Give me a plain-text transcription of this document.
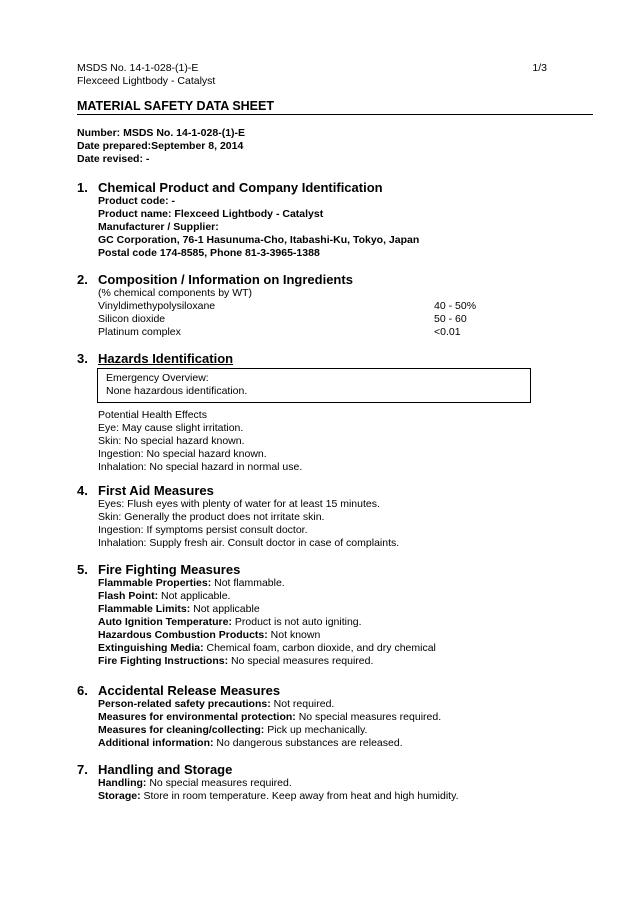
MSDS No. 14-1-028-(1)-E
Flexceed Lightbody - Catalyst
1/3
MATERIAL SAFETY DATA SHEET
Number: MSDS No. 14-1-028-(1)-E
Date prepared:September 8, 2014
Date revised: -
1. Chemical Product and Company Identification
Product code: -
Product name: Flexceed Lightbody - Catalyst
Manufacturer / Supplier:
GC Corporation, 76-1 Hasunuma-Cho, Itabashi-Ku, Tokyo, Japan
Postal code 174-8585, Phone 81-3-3965-1388
2. Composition / Information on Ingredients
(% chemical components by WT)
Vinyldimethypolysiloxane	40 - 50%
Silicon dioxide	50 - 60
Platinum complex	<0.01
3. Hazards Identification
Emergency Overview:
None hazardous identification.
Potential Health Effects
Eye: May cause slight irritation.
Skin: No special hazard known.
Ingestion: No special hazard known.
Inhalation: No special hazard in normal use.
4. First Aid Measures
Eyes: Flush eyes with plenty of water for at least 15 minutes.
Skin: Generally the product does not irritate skin.
Ingestion: If symptoms persist consult doctor.
Inhalation: Supply fresh air. Consult doctor in case of complaints.
5. Fire Fighting Measures
Flammable Properties: Not flammable.
Flash Point: Not applicable.
Flammable Limits: Not applicable
Auto Ignition Temperature: Product is not auto igniting.
Hazardous Combustion Products: Not known
Extinguishing Media: Chemical foam, carbon dioxide, and dry chemical
Fire Fighting Instructions: No special measures required.
6. Accidental Release Measures
Person-related safety precautions: Not required.
Measures for environmental protection: No special measures required.
Measures for cleaning/collecting: Pick up mechanically.
Additional information: No dangerous substances are released.
7. Handling and Storage
Handling: No special measures required.
Storage: Store in room temperature. Keep away from heat and high humidity.
